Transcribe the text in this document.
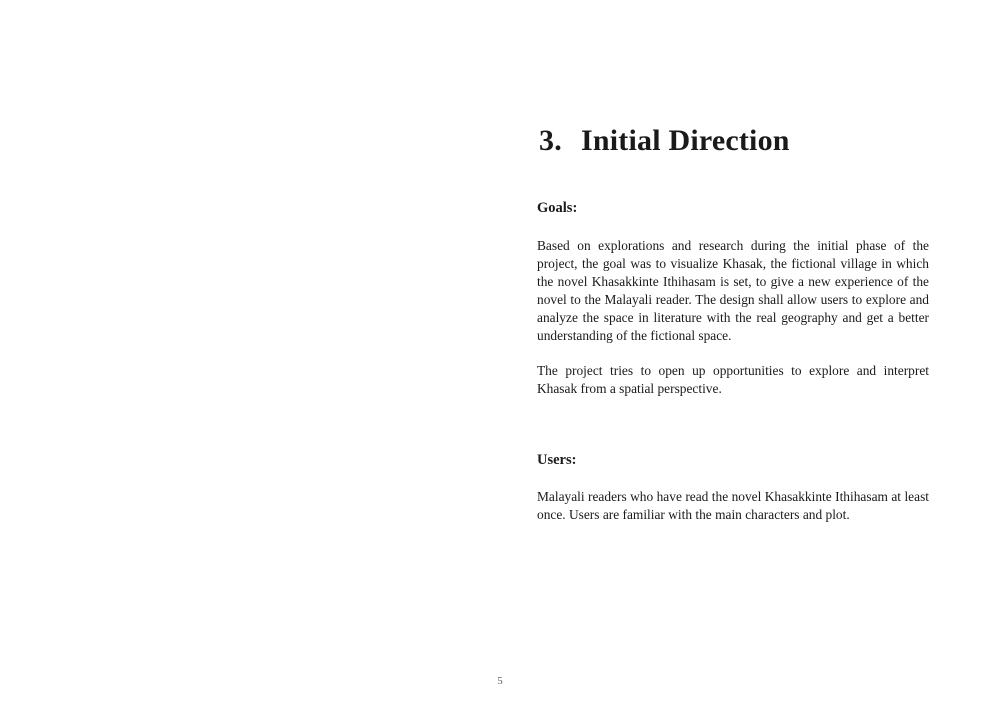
3. Initial Direction
Goals:

Based on explorations and research during the initial phase of the project, the goal was to visualize Khasak, the fictional village in which the novel Khasakkinte Ithihasam is set, to give a new experience of the novel to the Malayali reader. The design shall allow users to explore and analyze the space in literature with the real geography and get a better understanding of the fictional space.

The project tries to open up opportunities to explore and interpret Khasak from a spatial perspective.

Users:

Malayali readers who have read the novel Khasakkinte Ithihasam at least once. Users are familiar with the main characters and plot.

5
